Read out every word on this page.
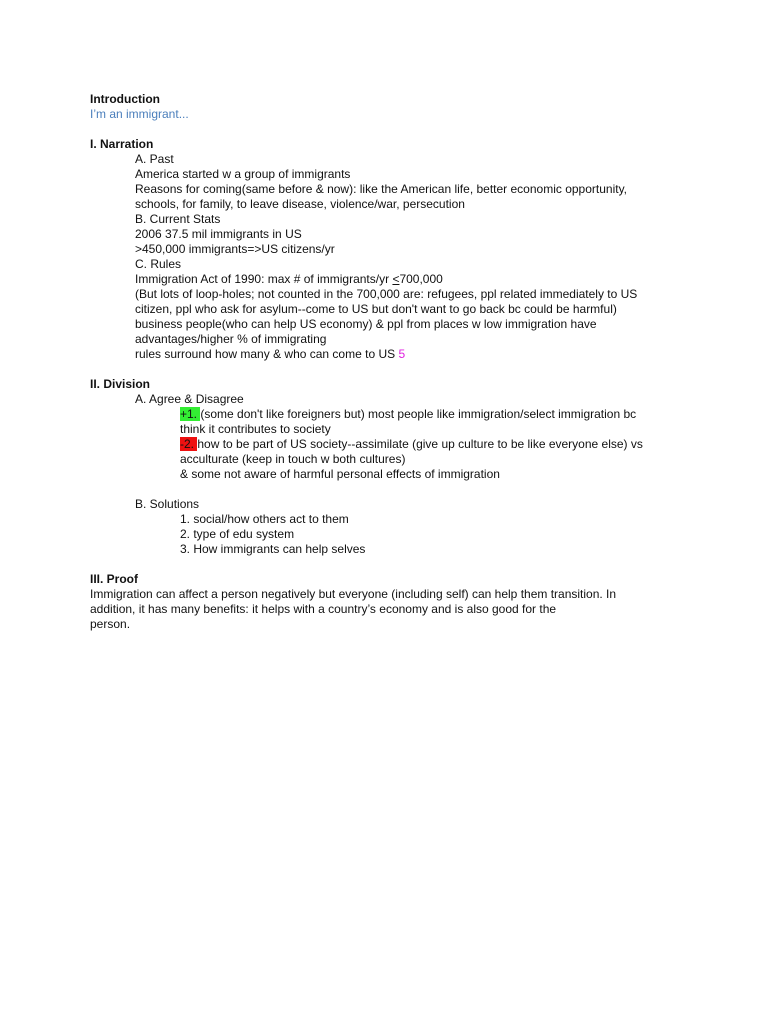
Introduction
I’m an immigrant...
I. Narration
A. Past
America started w a group of immigrants
Reasons for coming(same before & now): like the American life, better economic opportunity,
schools, for family, to leave disease, violence/war, persecution
B. Current Stats
2006 37.5 mil immigrants in US
>450,000 immigrants=>US citizens/yr
C. Rules
Immigration Act of 1990: max # of immigrants/yr <700,000
(But lots of loop-holes; not counted in the 700,000 are: refugees, ppl related immediately to US
citizen, ppl who ask for asylum--come to US but don't want to go back bc could be harmful)
business people(who can help US economy) & ppl from places w low immigration have
advantages/higher % of immigrating
rules surround how many & who can come to US 5
II. Division
A. Agree & Disagree
+1. (some don't like foreigners but) most people like immigration/select immigration bc
think it contributes to society
-2. how to be part of US society--assimilate (give up culture to be like everyone else) vs
acculturate (keep in touch w both cultures)
& some not aware of harmful personal effects of immigration
B. Solutions
1. social/how others act to them
2. type of edu system
3. How immigrants can help selves
III. Proof
Immigration can affect a person negatively but everyone (including self) can help them transition. In
addition, it has many benefits: it helps with a country’s economy and is also good for the
person.
